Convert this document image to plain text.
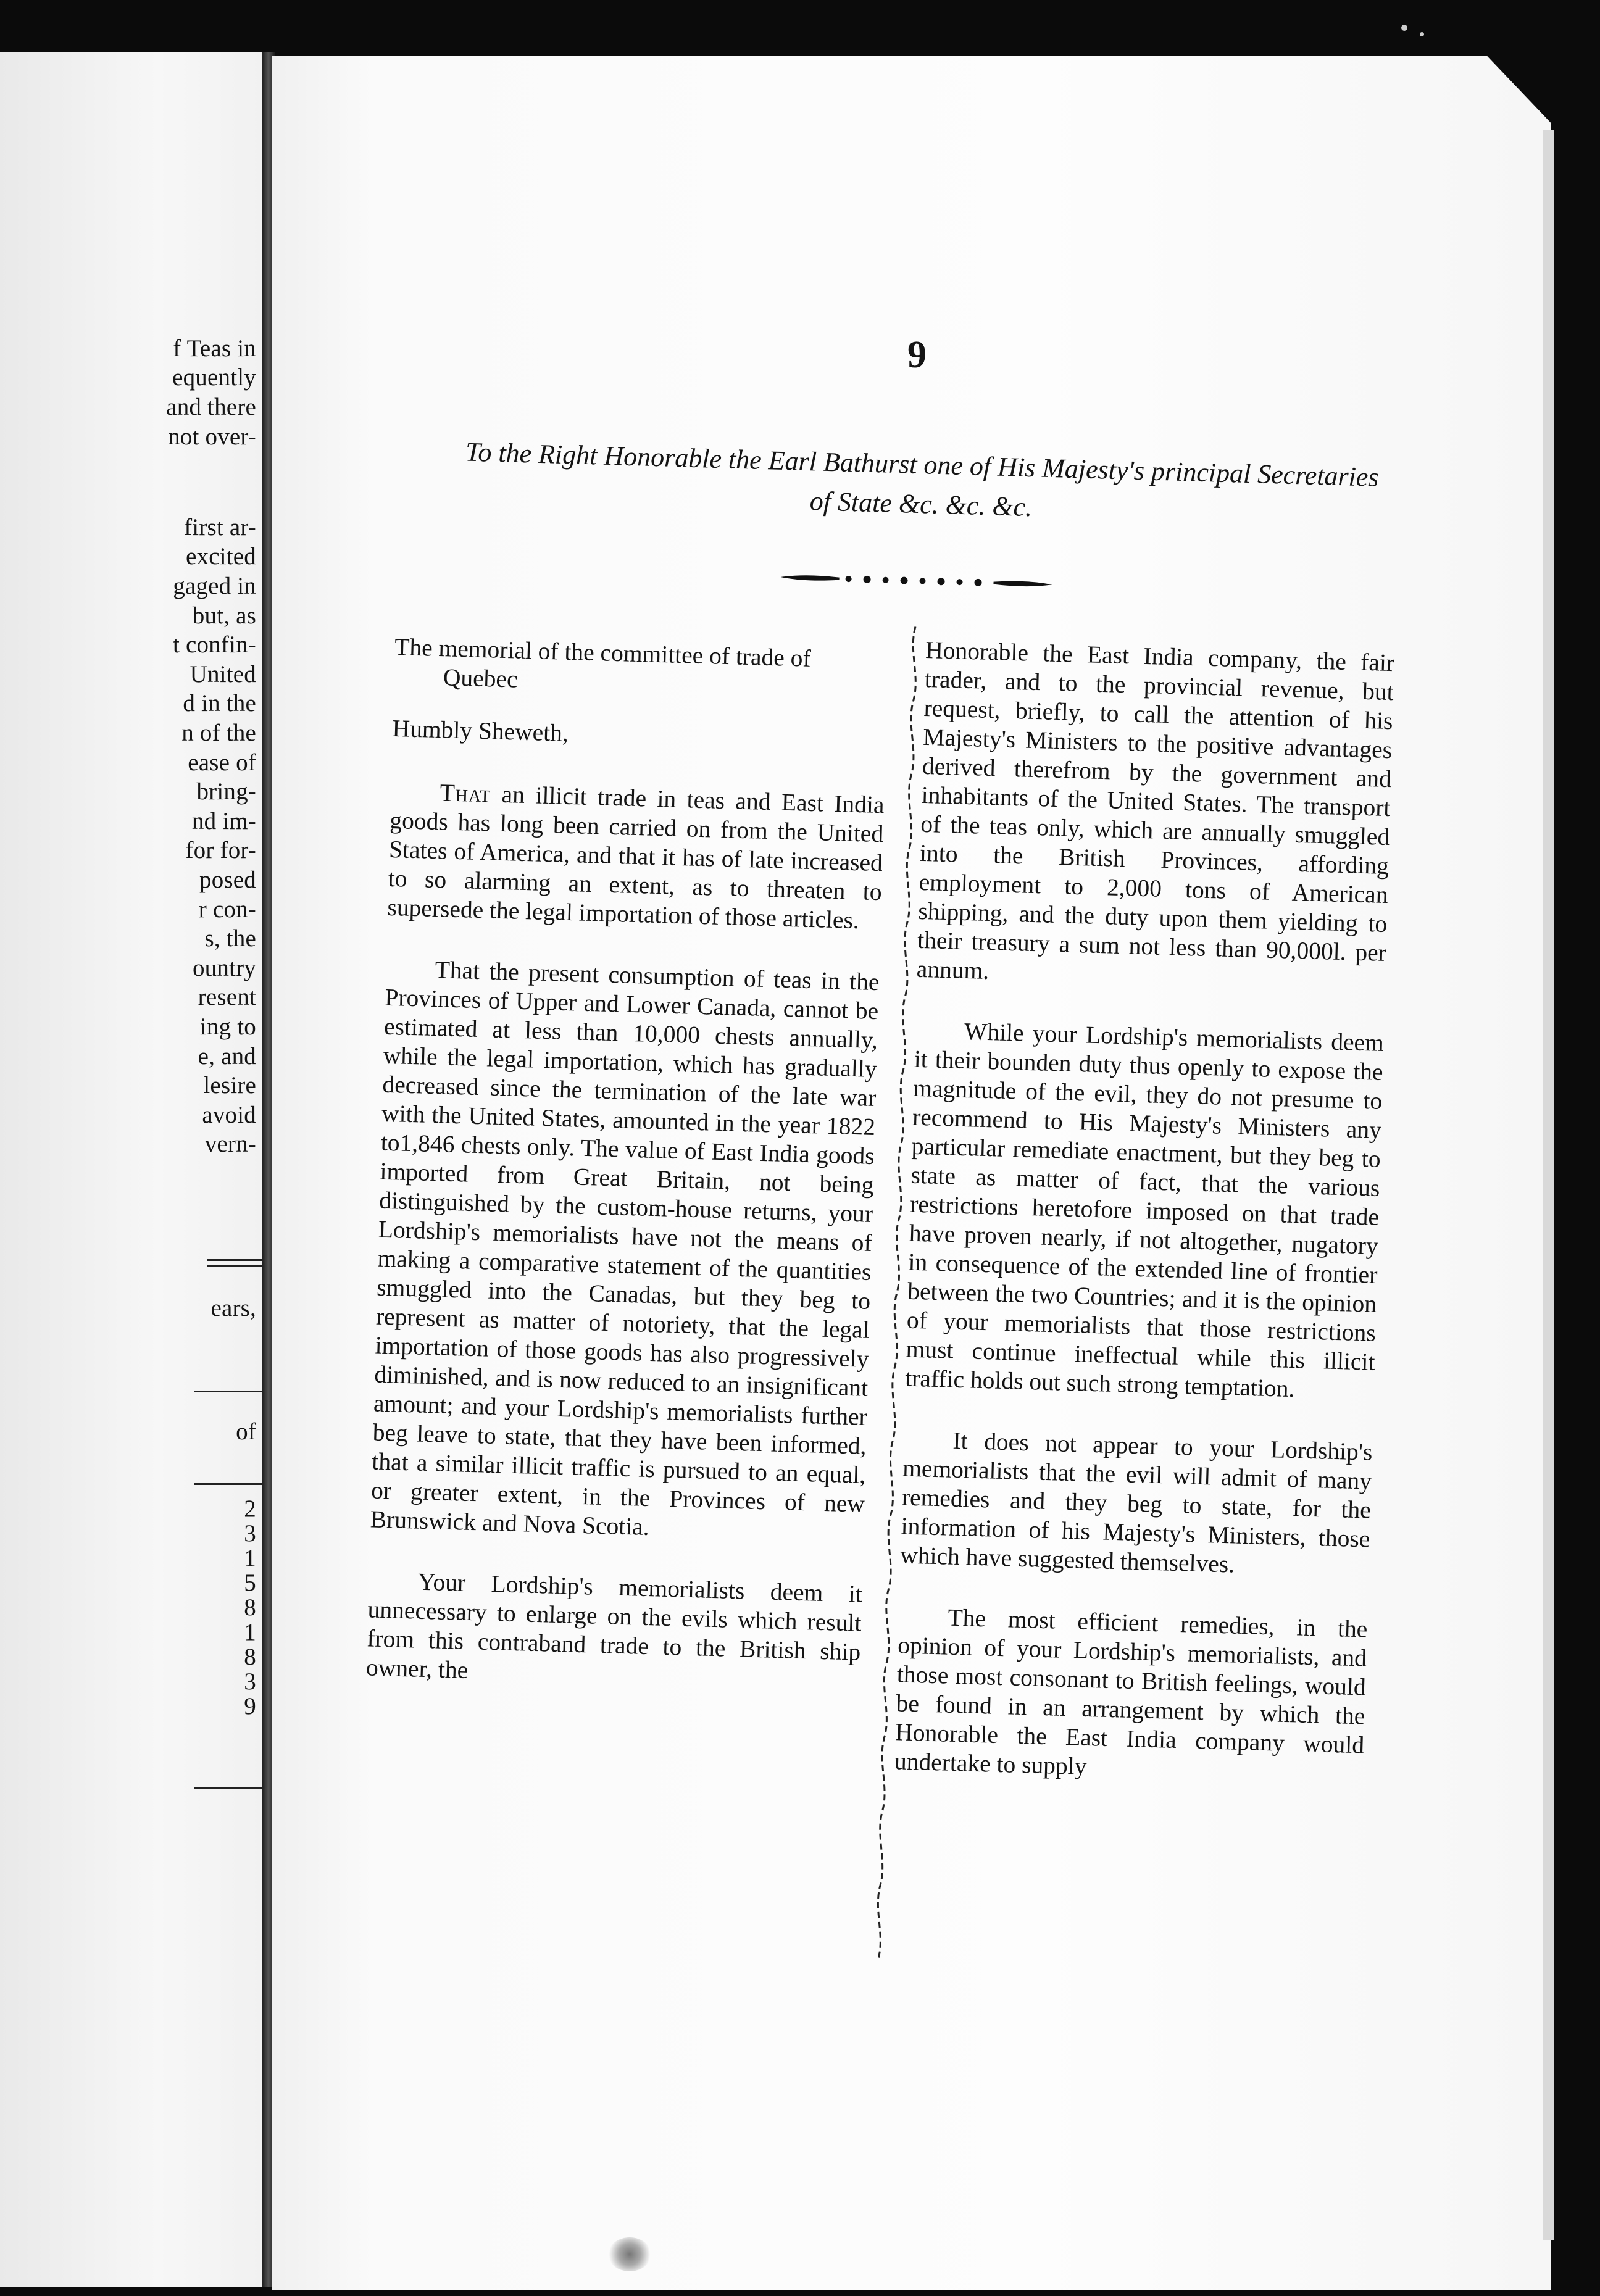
f Teas in
equently
and there
not over-
first ar-
excited
gaged in
but, as
t confin-
United
d in the
n of the
ease of
bring-
nd im-
for for-
posed
r con-
s, the
ountry
resent
ing to
e, and
lesire
avoid
vern-
ears,
of
2
3
1
5
8
1
8
3
9
9
To the Right Honorable the Earl Bathurst one of His Majesty's principal Secretaries of State &c. &c. &c.

The memorial of the committee of trade of Quebec

Humbly Sheweth,

That an illicit trade in teas and East India goods has long been carried on from the United States of America, and that it has of late increased to so alarming an extent, as to threaten to supersede the legal importation of those articles.

That the present consumption of teas in the Provinces of Upper and Lower Canada, cannot be estimated at less than 10,000 chests annually, while the legal importation, which has gradually decreased since the termination of the late war with the United States, amounted in the year 1822 to1,846 chests only. The value of East India goods imported from Great Britain, not being distinguished by the custom-house returns, your Lordship's memorialists have not the means of making a comparative statement of the quantities smuggled into the Canadas, but they beg to represent as matter of notoriety, that the legal importation of those goods has also progressively diminished, and is now reduced to an insignificant amount; and your Lordship's memorialists further beg leave to state, that they have been informed, that a similar illicit traffic is pursued to an equal, or greater extent, in the Provinces of new Brunswick and Nova Scotia.

Your Lordship's memorialists deem it unnecessary to enlarge on the evils which result from this contraband trade to the British ship owner, the

Honorable the East India company, the fair trader, and to the provincial revenue, but request, briefly, to call the attention of his Majesty's Ministers to the positive advantages derived therefrom by the government and inhabitants of the United States. The transport of the teas only, which are annually smuggled into the British Provinces, affording employment to 2,000 tons of American shipping, and the duty upon them yielding to their treasury a sum not less than 90,000l. per annum.

While your Lordship's memorialists deem it their bounden duty thus openly to expose the magnitude of the evil, they do not presume to recommend to His Majesty's Ministers any particular remediate enactment, but they beg to state as matter of fact, that the various restrictions heretofore imposed on that trade have proven nearly, if not altogether, nugatory in consequence of the extended line of frontier between the two Countries; and it is the opinion of your memorialists that those restrictions must continue ineffectual while this illicit traffic holds out such strong temptation.

It does not appear to your Lordship's memorialists that the evil will admit of many remedies and they beg to state, for the information of his Majesty's Ministers, those which have suggested themselves.

The most efficient remedies, in the opinion of your Lordship's memorialists, and those most consonant to British feelings, would be found in an arrangement by which the Honorable the East India company would undertake to supply
